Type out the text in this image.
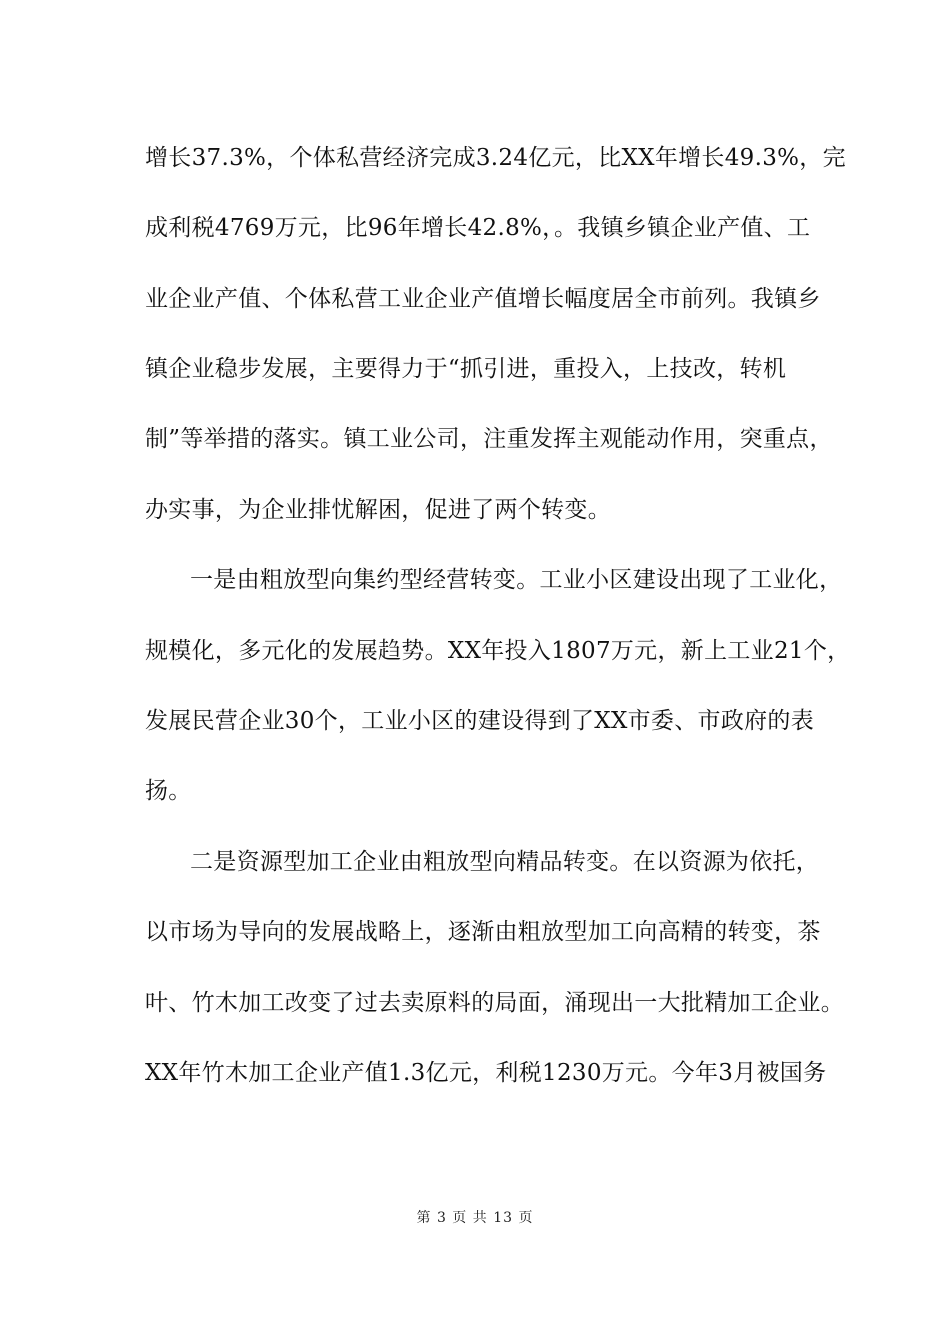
增长37.3%，个体私营经济完成3.24亿元，比XX年增长49.3%，完
成利税4769万元，比96年增长42.8%，。我镇乡镇企业产值、工
业企业产值、个体私营工业企业产值增长幅度居全市前列。我镇乡
镇企业稳步发展，主要得力于“抓引进，重投入，上技改，转机
制”等举措的落实。镇工业公司，注重发挥主观能动作用，突重点，
办实事，为企业排忧解困，促进了两个转变。
一是由粗放型向集约型经营转变。工业小区建设出现了工业化，
规模化，多元化的发展趋势。XX年投入1807万元，新上工业21个，
发展民营企业30个，工业小区的建设得到了XX市委、市政府的表
扬。
二是资源型加工企业由粗放型向精品转变。在以资源为依托，
以市场为导向的发展战略上，逐渐由粗放型加工向高精的转变，茶
叶、竹木加工改变了过去卖原料的局面，涌现出一大批精加工企业。
XX年竹木加工企业产值1.3亿元，利税1230万元。今年3月被国务
第 3 页 共 13 页
